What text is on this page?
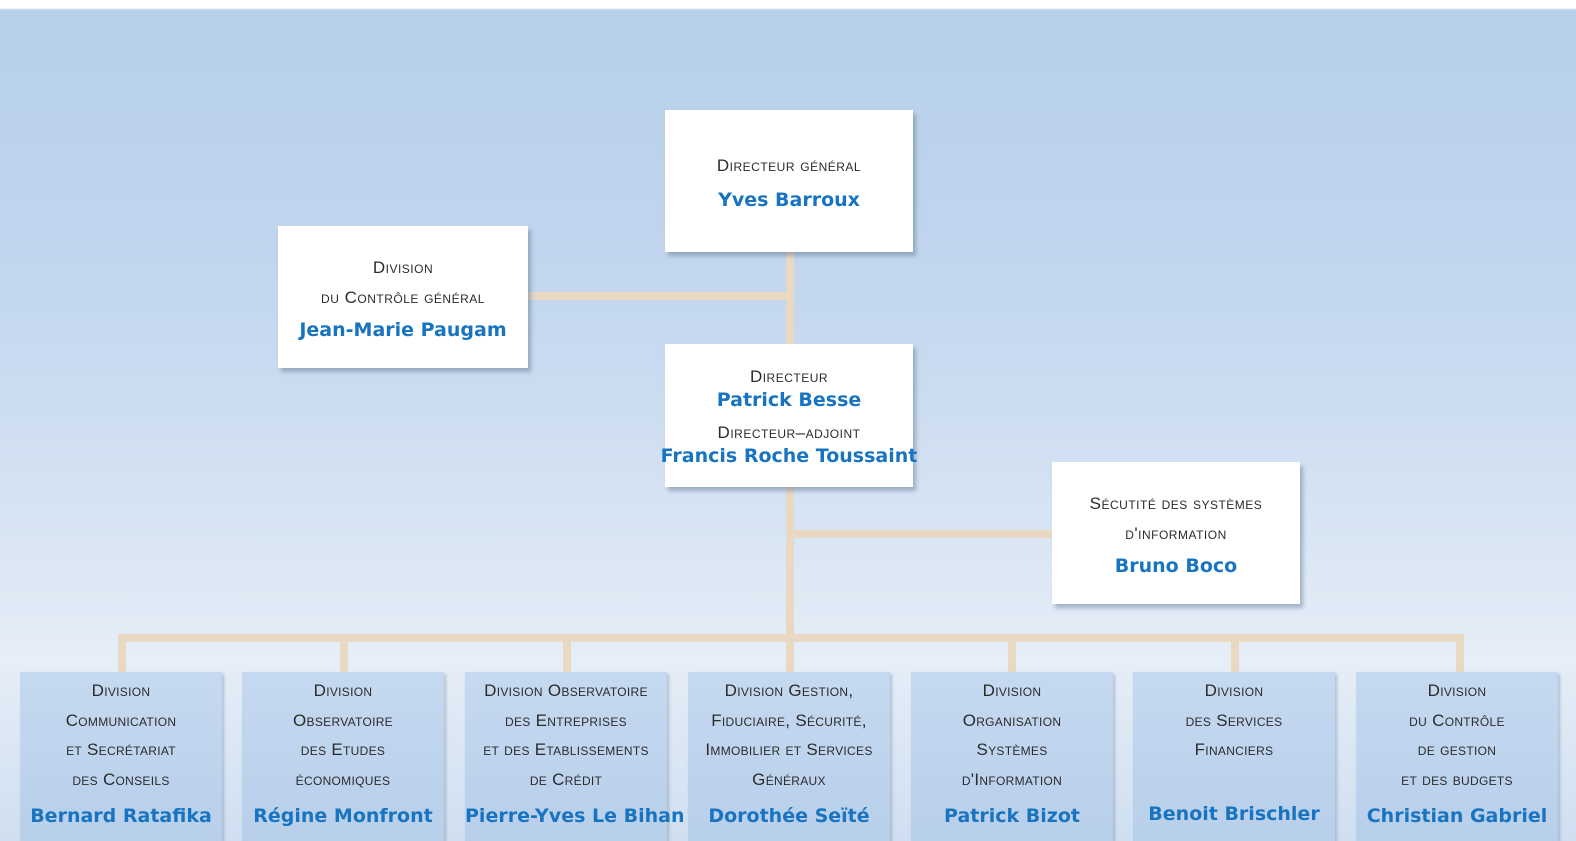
Directeur général
Yves Barroux
Division
du Contrôle général
Jean-Marie Paugam
Directeur
Patrick Besse
Directeur–adjoint
Francis Roche Toussaint
Sécutité des systèmes
d'information
Bruno Boco
Division
Communication
et Secrétariat
des Conseils
Bernard Ratafika
Division
Observatoire
des Etudes
économiques
Régine Monfront
Division Observatoire
des Entreprises
et des Etablissements
de Crédit
Pierre-Yves Le Bihan
Division Gestion,
Fiduciaire, Sécurité,
Immobilier et Services
Généraux
Dorothée Seïté
Division
Organisation
Systèmes
d'Information
Patrick Bizot
Division
des Services
Financiers
Benoit Brischler
Division
du Contrôle
de gestion
et des budgets
Christian Gabriel
